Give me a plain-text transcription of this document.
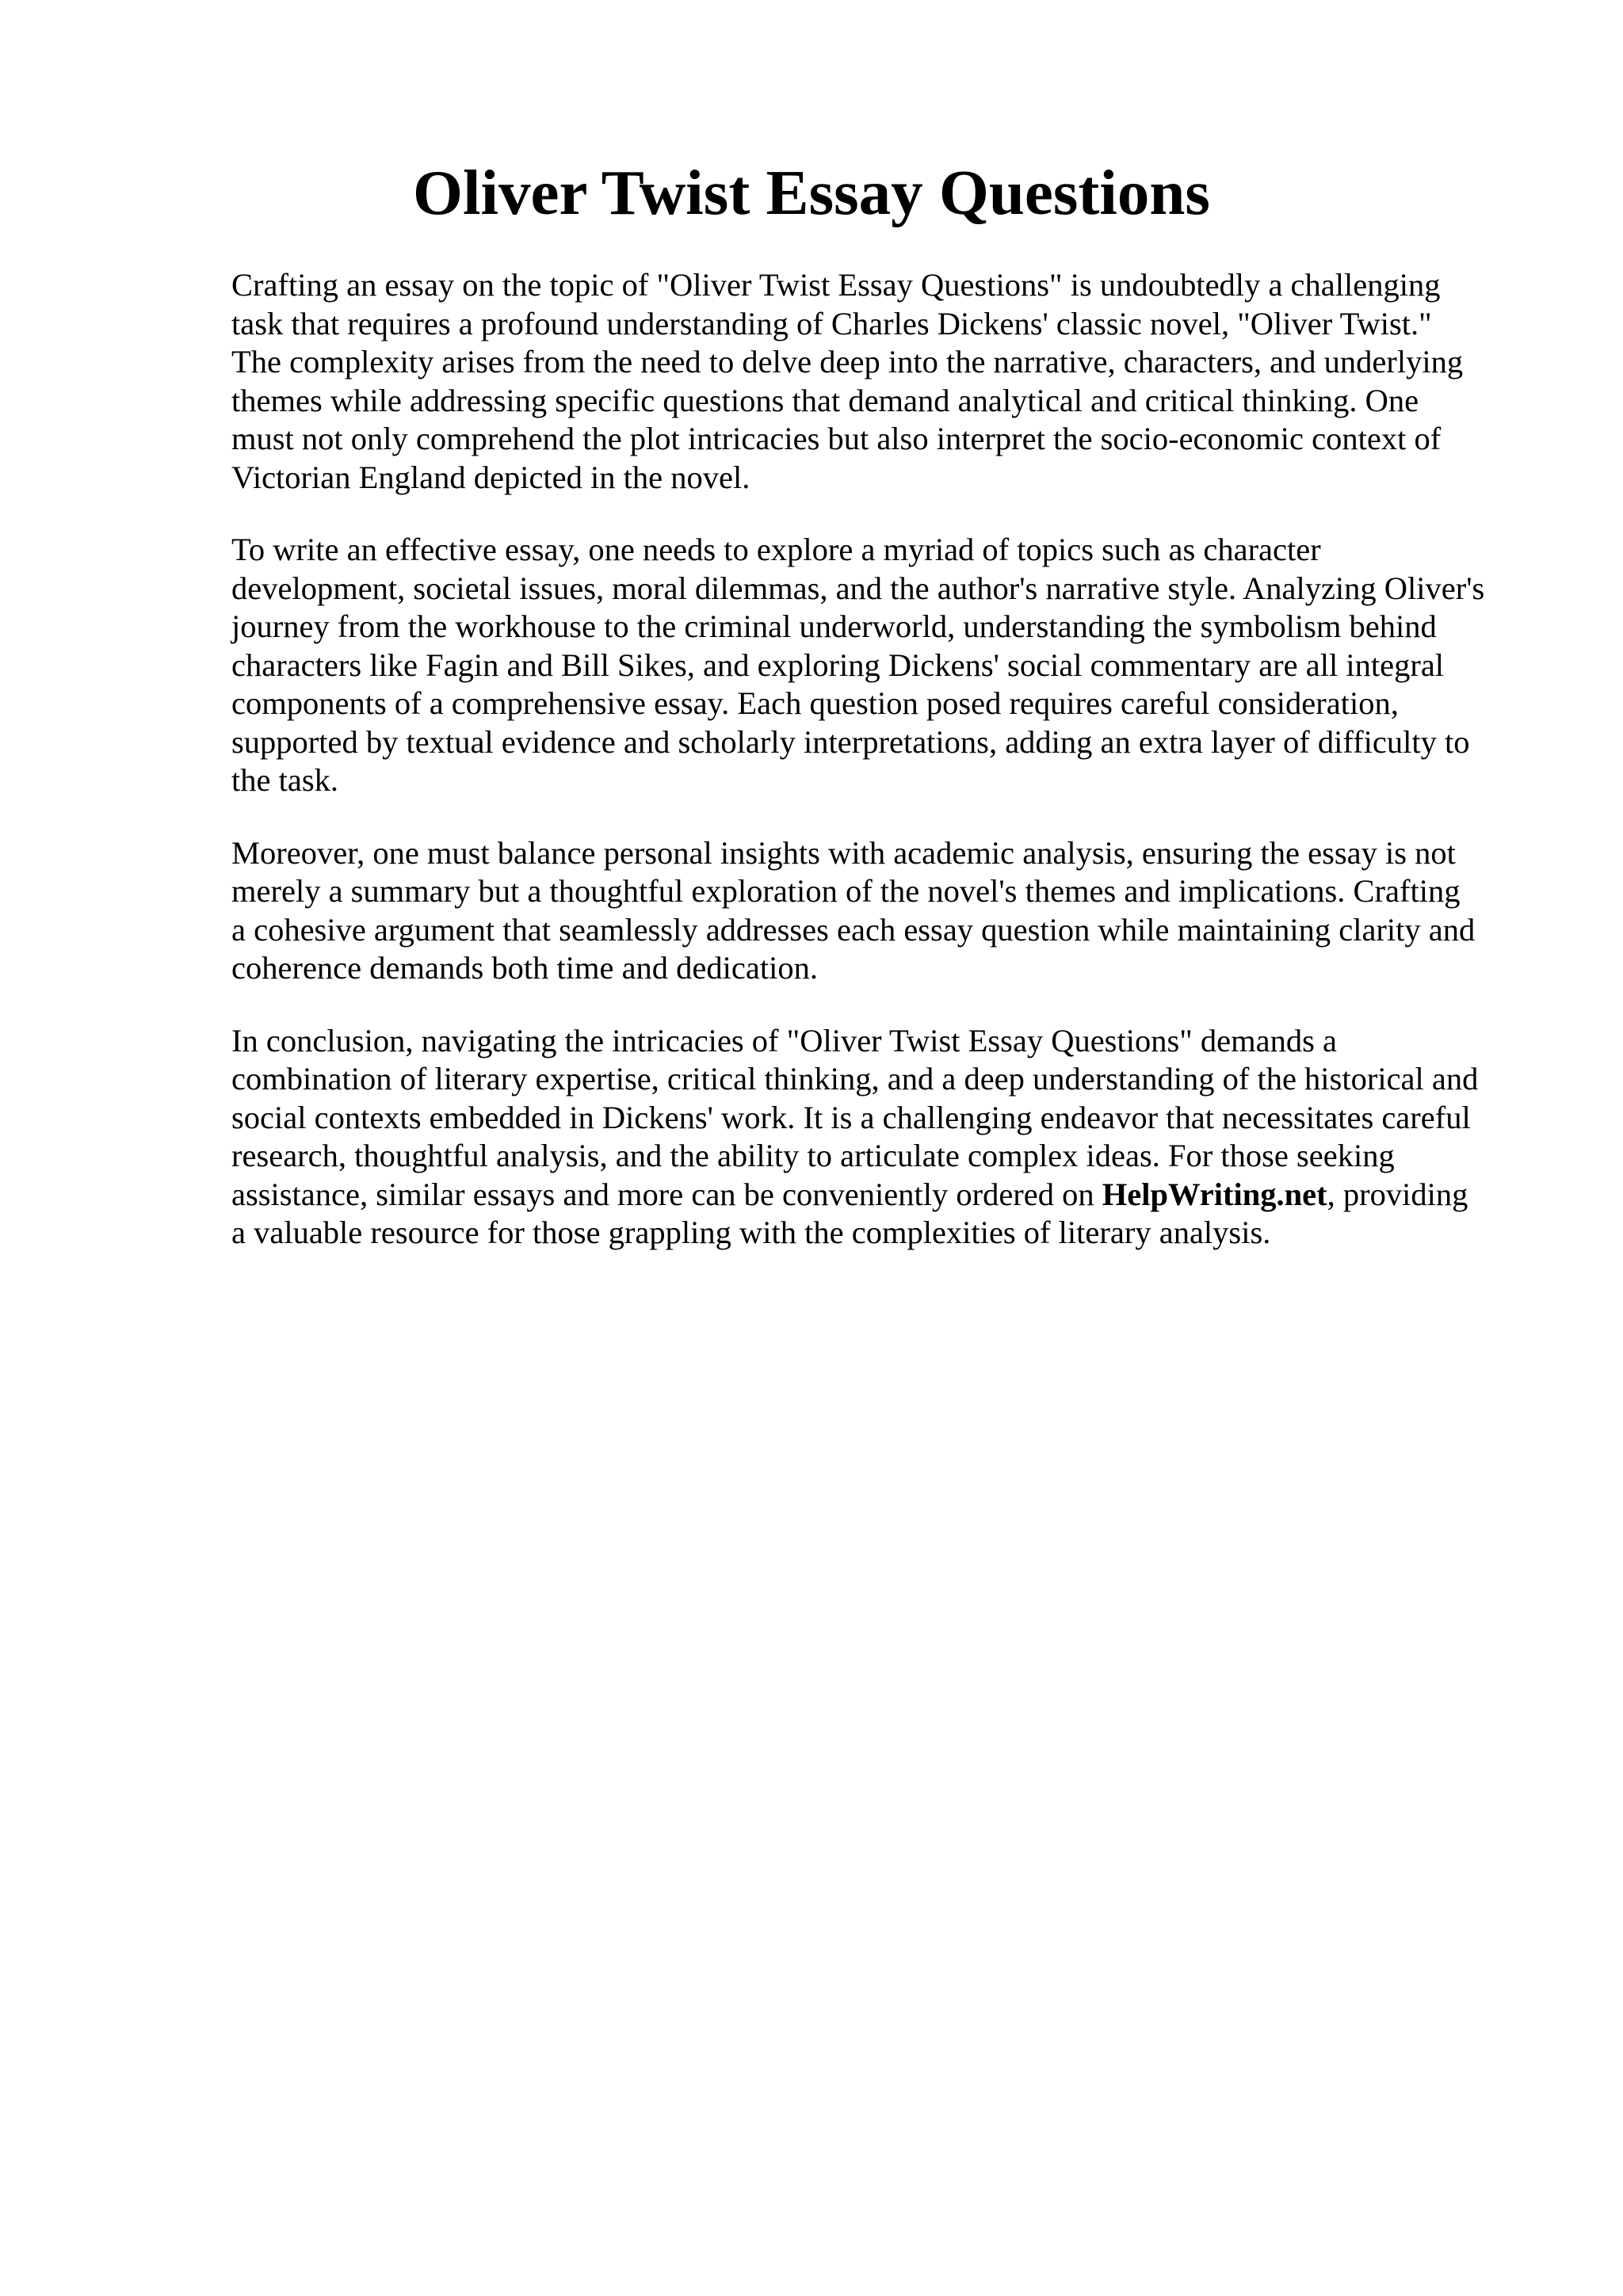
Oliver Twist Essay Questions

Crafting an essay on the topic of "Oliver Twist Essay Questions" is undoubtedly a challenging
task that requires a profound understanding of Charles Dickens' classic novel, "Oliver Twist."
The complexity arises from the need to delve deep into the narrative, characters, and underlying
themes while addressing specific questions that demand analytical and critical thinking. One
must not only comprehend the plot intricacies but also interpret the socio-economic context of
Victorian England depicted in the novel.

To write an effective essay, one needs to explore a myriad of topics such as character
development, societal issues, moral dilemmas, and the author's narrative style. Analyzing Oliver's
journey from the workhouse to the criminal underworld, understanding the symbolism behind
characters like Fagin and Bill Sikes, and exploring Dickens' social commentary are all integral
components of a comprehensive essay. Each question posed requires careful consideration,
supported by textual evidence and scholarly interpretations, adding an extra layer of difficulty to
the task.

Moreover, one must balance personal insights with academic analysis, ensuring the essay is not
merely a summary but a thoughtful exploration of the novel's themes and implications. Crafting
a cohesive argument that seamlessly addresses each essay question while maintaining clarity and
coherence demands both time and dedication.

In conclusion, navigating the intricacies of "Oliver Twist Essay Questions" demands a
combination of literary expertise, critical thinking, and a deep understanding of the historical and
social contexts embedded in Dickens' work. It is a challenging endeavor that necessitates careful
research, thoughtful analysis, and the ability to articulate complex ideas. For those seeking
assistance, similar essays and more can be conveniently ordered on HelpWriting.net, providing
a valuable resource for those grappling with the complexities of literary analysis.
